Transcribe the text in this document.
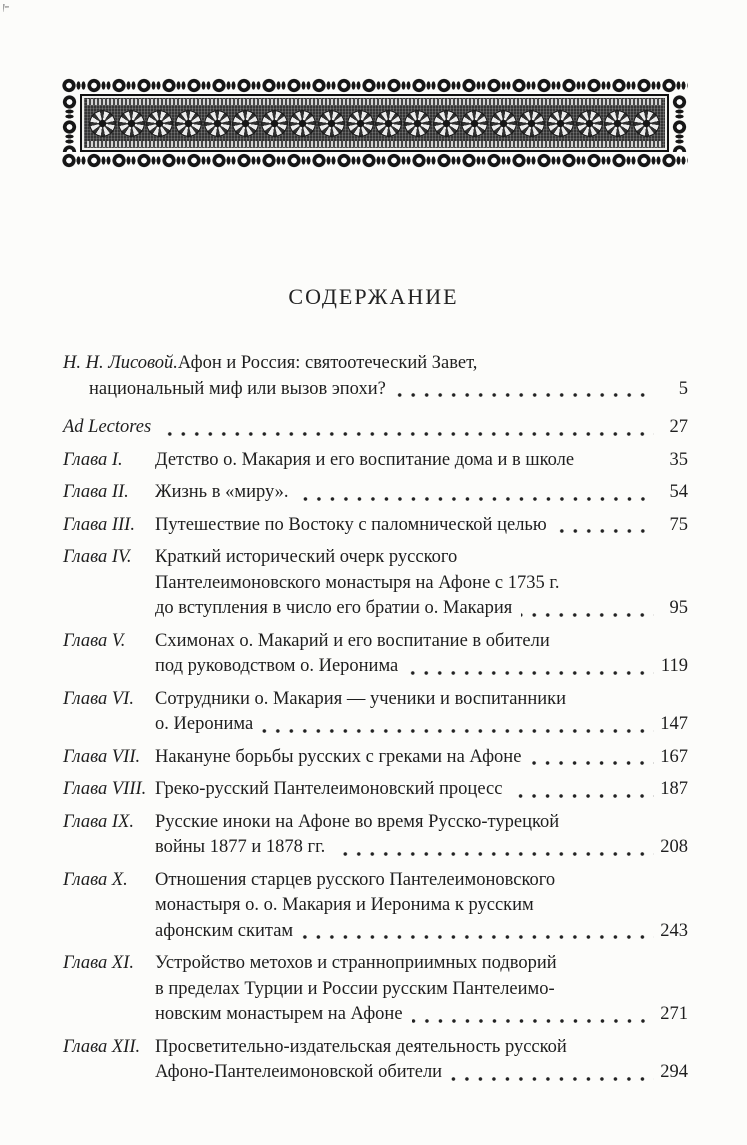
СОДЕРЖАНИЕ
Н. Н. Лисовой. Афон и Россия: святоотеческий Завет,
национальный миф или вызов эпохи?	5
Ad Lectores	27
Глава I.	Детство о. Макария и его воспитание дома и в школе	35
Глава II.	Жизнь в «миру».	54
Глава III.	Путешествие по Востоку с паломнической целью	75
Глава IV.	Краткий исторический очерк русского
Пантелеимоновского монастыря на Афоне с 1735 г.
до вступления в число его братии о. Макария	95
Глава V.	Схимонах о. Макарий и его воспитание в обители
под руководством о. Иеронима	119
Глава VI.	Сотрудники о. Макария — ученики и воспитанники
о. Иеронима	147
Глава VII. Накануне борьбы русских с греками на Афоне	167
Глава VIII. Греко-русский Пантелеимоновский процесс	187
Глава IX.	Русские иноки на Афоне во время Русско-турецкой
войны 1877 и 1878 гг.	208
Глава X.	Отношения старцев русского Пантелеимоновского
монастыря о. о. Макария и Иеронима к русским
афонским скитам	243
Глава XI.	Устройство метохов и странноприимных подворий
в пределах Турции и России русским Пантелеимо-
новским монастырем на Афоне	271
Глава XII. Просветительно-издательская деятельность русской
Афоно-Пантелеимоновской обители	294
